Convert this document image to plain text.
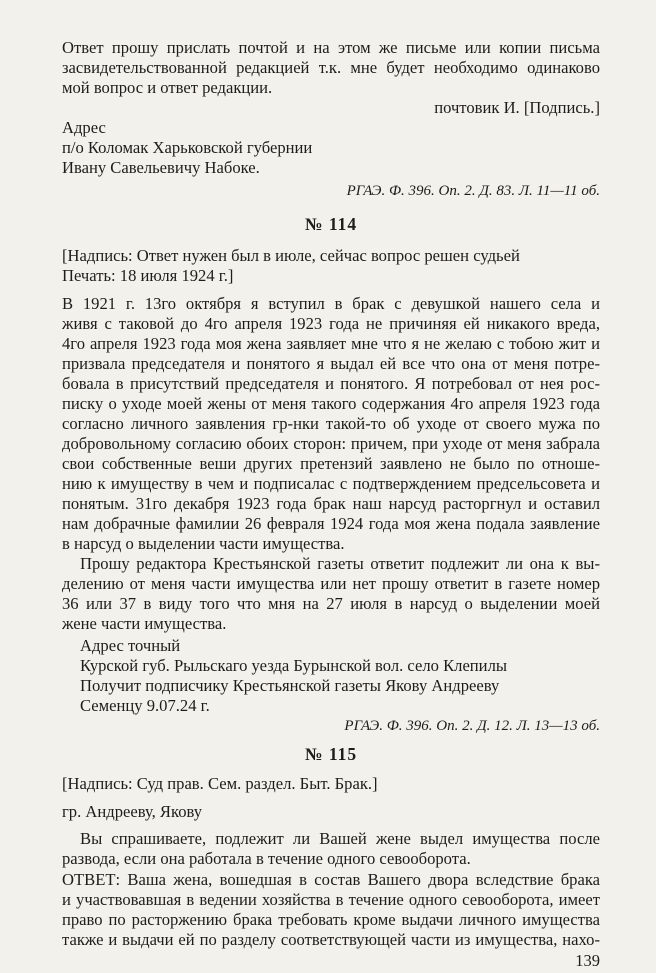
Ответ прошу прислать почтой и на этом же письме или копии письма
засвидетельствованной редакцией т.к. мне будет необходимо одинаково
мой вопрос и ответ редакции.
почтовик И. [Подпись.]
Адрес
п/о Коломак Харьковской губернии
Ивану Савельевичу Набоке.
РГАЭ. Ф. 396. Оп. 2. Д. 83. Л. 11—11 об.
№ 114
[Надпись: Ответ нужен был в июле, сейчас вопрос решен судьей
Печать: 18 июля 1924 г.]
В 1921 г. 13го октября я вступил в брак с девушкой нашего села и
живя с таковой до 4го апреля 1923 года не причиняя ей никакого вреда,
4го апреля 1923 года моя жена заявляет мне что я не желаю с тобою жит и
призвала председателя и понятого я выдал ей все что она от меня потре-
бовала в присутствий председателя и понятого. Я потребовал от нея рос-
писку о уходе моей жены от меня такого содержания 4го апреля 1923 года
согласно личного заявления гр-нки такой-то об уходе от своего мужа по
добровольному согласию обоих сторон: причем, при уходе от меня забрала
свои собственные веши других претензий заявлено не было по отноше-
нию к имуществу в чем и подписалас с подтверждением предсельсовета и
понятым. 31го декабря 1923 года брак наш нарсуд расторгнул и оставил
нам добрачные фамилии 26 февраля 1924 года моя жена подала заявление
в нарсуд о выделении части имущества.
Прошу редактора Крестьянской газеты ответит подлежит ли она к вы-
делению от меня части имущества или нет прошу ответит в газете номер
36 или 37 в виду того что мня на 27 июля в нарсуд о выделении моей
жене части имущества.
Адрес точный
Курской губ. Рыльскаго уезда Бурынской вол. село Клепилы
Получит подписчику Крестьянской газеты Якову Андрееву
Семенцу 9.07.24 г.
РГАЭ. Ф. 396. Оп. 2. Д. 12. Л. 13—13 об.
№ 115
[Надпись: Суд прав. Сем. раздел. Быт. Брак.]
гр. Андрееву, Якову
Вы спрашиваете, подлежит ли Вашей жене выдел имущества после
развода, если она работала в течение одного севооборота.
ОТВЕТ: Ваша жена, вошедшая в состав Вашего двора вследствие брака
и участвовавшая в ведении хозяйства в течение одного севооборота, имеет
право по расторжению брака требовать кроме выдачи личного имущества
также и выдачи ей по разделу соответствующей части из имущества, нахо-
139
